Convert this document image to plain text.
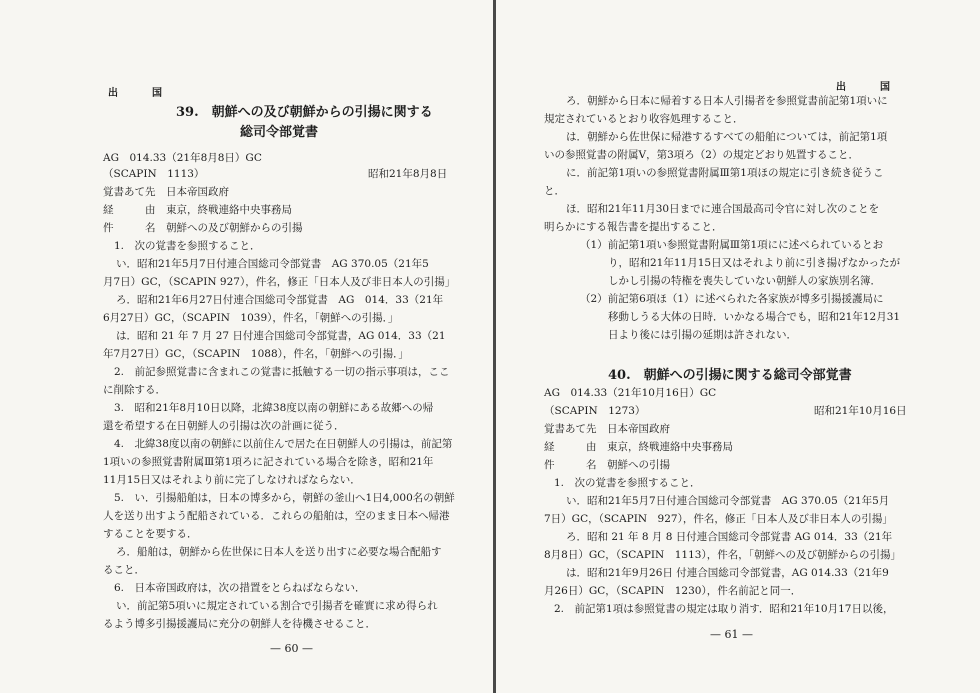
出　国
39.　朝鮮への及び朝鮮からの引揚に関する
総司令部覚書
AG　014.33（21年8月8日）GC
（SCAPIN　1113）	昭和21年8月8日
覚書あて先　日本帝国政府
経　　　由　東京，終戦連絡中央事務局
件　　　名　朝鮮への及び朝鮮からの引揚
1.　次の覚書を参照すること．
い．昭和21年5月7日付連合国総司令部覚書　AG 370.05（21年5
月7日）GC，（SCAPIN 927），件名，修正「日本人及び非日本人の引揚」
ろ．昭和21年6月27日付連合国総司令部覚書　AG　014．33（21年
6月27日）GC，（SCAPIN　1039），件名，「朝鮮への引揚．」
は．昭和 21 年 7 月 27 日付連合国総司令部覚書，AG 014．33（21
年7月27日）GC，（SCAPIN　1088），件名，「朝鮮への引揚．」
2.　前記参照覚書に含まれこの覚書に抵触する一切の指示事項は，ここ
に削除する．
3.　昭和21年8月10日以降，北緯38度以南の朝鮮にある故郷への帰
還を希望する在日朝鮮人の引揚は次の計画に従う．
4.　北緯38度以南の朝鮮に以前住んで居た在日朝鮮人の引揚は，前記第
1項いの参照覚書附属Ⅲ第1項ろに記されている場合を除き，昭和21年
11月15日又はそれより前に完了しなければならない．
5.　い．引揚船舶は，日本の博多から，朝鮮の釜山へ1日4,000名の朝鮮
人を送り出すよう配船されている．これらの船舶は，空のまま日本へ帰港
することを要する．
ろ．船舶は，朝鮮から佐世保に日本人を送り出すに必要な場合配船す
ること．
6.　日本帝国政府は，次の措置をとらねばならない．
い．前記第5項いに規定されている割合で引揚者を確實に求め得られ
るよう博多引揚援護局に充分の朝鮮人を待機させること．
— 60 —
出　国
ろ．朝鮮から日本に帰着する日本人引揚者を参照覚書前記第1項いに
規定されているとおり收容処理すること．
は．朝鮮から佐世保に帰港するすべての船舶については，前記第1項
いの参照覚書の附属Ⅴ，第3項ろ（2）の規定どおり処置すること．
に．前記第1項いの参照覚書附属Ⅲ第1項ほの規定に引き続き従うこ
と．
ほ．昭和21年11月30日までに連合国最高司令官に対し次のことを
明らかにする報告書を提出すること．
（1）前記第1項い参照覚書附属Ⅲ第1項にに述べられているとお
り，昭和21年11月15日又はそれより前に引き揚げなかったが
しかし引揚の特権を喪失していない朝鮮人の家族別名簿．
（2）前記第6項ほ（1）に述べられた各家族が博多引揚援護局に
移動しうる大体の日時．いかなる場合でも，昭和21年12月31
日より後には引揚の延期は許されない．
40.　朝鮮への引揚に関する総司令部覚書
AG　014.33（21年10月16日）GC
（SCAPIN　1273）	昭和21年10月16日
覚書あて先　日本帝国政府
経　　　由　東京，終戦連絡中央事務局
件　　　名　朝鮮への引揚
1.　次の覚書を参照すること．
い．昭和21年5月7日付連合国総司令部覚書　AG 370.05（21年5月
7日）GC，（SCAPIN　927），件名，修正「日本人及び非日本人の引揚」
ろ．昭和 21 年 8 月 8 日付連合国総司令部覚書 AG 014．33（21年
8月8日）GC，（SCAPIN　1113），件名，「朝鮮への及び朝鮮からの引揚」
は．昭和21年9月26日 付連合国総司令部覚書，AG 014.33（21年9
月26日）GC，（SCAPIN　1230），件名前記と同一．
2.　前記第1項は参照覚書の規定は取り消す．昭和21年10月17日以後，
— 61 —
